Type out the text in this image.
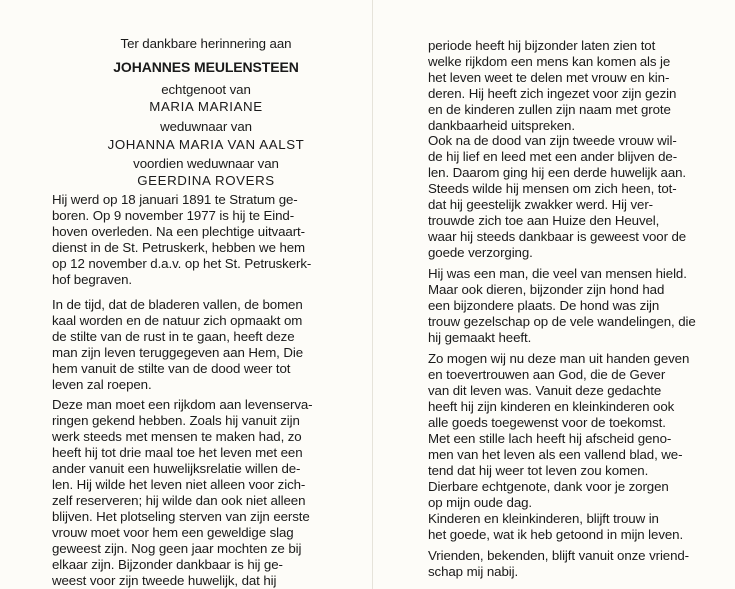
Ter dankbare herinnering aan
JOHANNES MEULENSTEEN
echtgenoot van
MARIA MARIANE
weduwnaar van
JOHANNA MARIA VAN AALST
voordien weduwnaar van
GEERDINA ROVERS
Hij werd op 18 januari 1891 te Stratum ge-
boren. Op 9 november 1977 is hij te Eind-
hoven overleden. Na een plechtige uitvaart-
dienst in de St. Petruskerk, hebben we hem
op 12 november d.a.v. op het St. Petruskerk-
hof begraven.
In de tijd, dat de bladeren vallen, de bomen
kaal worden en de natuur zich opmaakt om
de stilte van de rust in te gaan, heeft deze
man zijn leven teruggegeven aan Hem, Die
hem vanuit de stilte van de dood weer tot
leven zal roepen.
Deze man moet een rijkdom aan levenserva-
ringen gekend hebben. Zoals hij vanuit zijn
werk steeds met mensen te maken had, zo
heeft hij tot drie maal toe het leven met een
ander vanuit een huwelijksrelatie willen de-
len. Hij wilde het leven niet alleen voor zich-
zelf reserveren; hij wilde dan ook niet alleen
blijven. Het plotseling sterven van zijn eerste
vrouw moet voor hem een geweldige slag
geweest zijn. Nog geen jaar mochten ze bij
elkaar zijn. Bijzonder dankbaar is hij ge-
weest voor zijn tweede huwelijk, dat hij
periode heeft hij bijzonder laten zien tot
welke rijkdom een mens kan komen als je
het leven weet te delen met vrouw en kin-
deren. Hij heeft zich ingezet voor zijn gezin
en de kinderen zullen zijn naam met grote
dankbaarheid uitspreken.
Ook na de dood van zijn tweede vrouw wil-
de hij lief en leed met een ander blijven de-
len. Daarom ging hij een derde huwelijk aan.
Steeds wilde hij mensen om zich heen, tot-
dat hij geestelijk zwakker werd. Hij ver-
trouwde zich toe aan Huize den Heuvel,
waar hij steeds dankbaar is geweest voor de
goede verzorging.
Hij was een man, die veel van mensen hield.
Maar ook dieren, bijzonder zijn hond had
een bijzondere plaats. De hond was zijn
trouw gezelschap op de vele wandelingen, die
hij gemaakt heeft.
Zo mogen wij nu deze man uit handen geven
en toevertrouwen aan God, die de Gever
van dit leven was. Vanuit deze gedachte
heeft hij zijn kinderen en kleinkinderen ook
alle goeds toegewenst voor de toekomst.
Met een stille lach heeft hij afscheid geno-
men van het leven als een vallend blad, we-
tend dat hij weer tot leven zou komen.
Dierbare echtgenote, dank voor je zorgen
op mijn oude dag.
Kinderen en kleinkinderen, blijft trouw in
het goede, wat ik heb getoond in mijn leven.
Vrienden, bekenden, blijft vanuit onze vriend-
schap mij nabij.
